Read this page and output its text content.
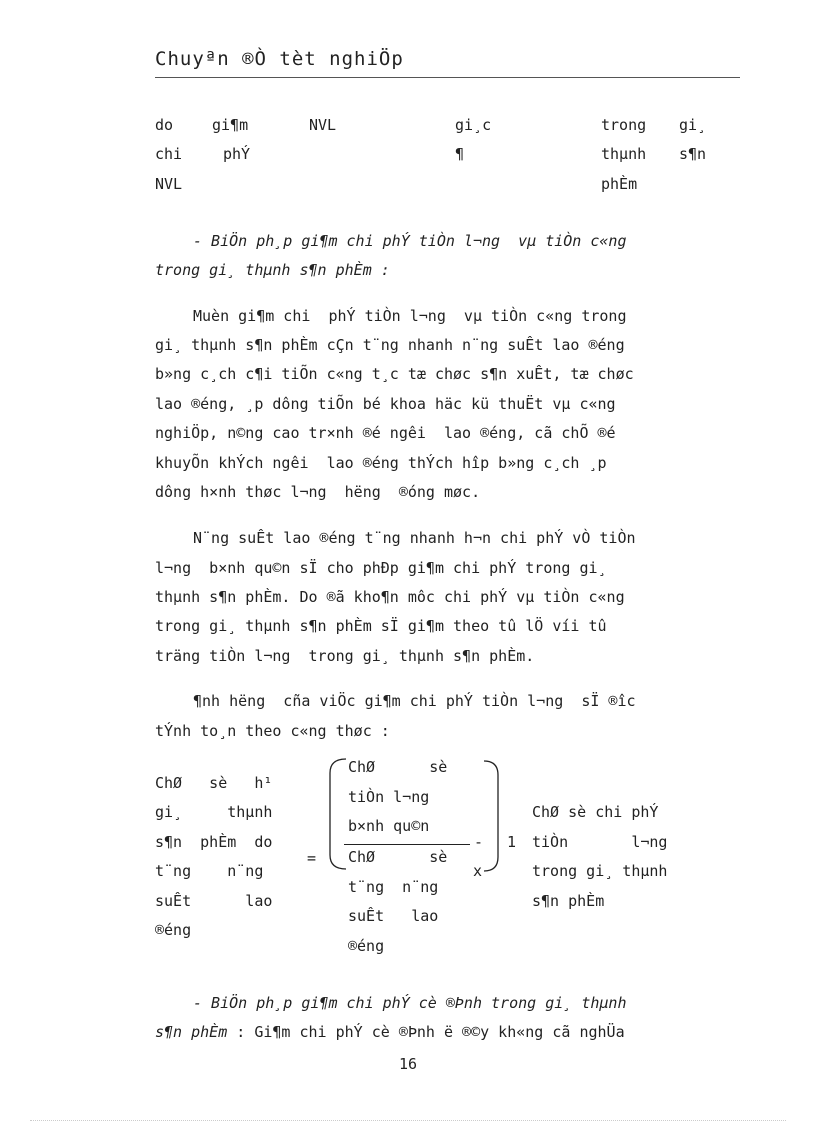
Chuyªn ®Ò tèt nghiÖp
do
chi
NVL
gi¶m
phÝ
NVL	gi¸c
¶
trong
thµnh
phÈm
gi¸
s¶n
- BiÖn ph¸p gi¶m chi phÝ tiÒn l¬ng  vµ tiÒn c«ng
trong gi¸ thµnh s¶n phÈm :
Muèn gi¶m chi  phÝ tiÒn l¬ng  vµ tiÒn c«ng trong
gi¸ thµnh s¶n phÈm cÇn t¨ng nhanh n¨ng suÊt lao ®éng
b»ng c¸ch c¶i tiÕn c«ng t¸c tæ chøc s¶n xuÊt, tæ chøc
lao ®éng, ¸p dông tiÕn bé khoa häc kü thuËt vµ c«ng
nghiÖp, n©ng cao tr×nh ®é ngêi  lao ®éng, cã chÕ ®é
khuyÕn khÝch ngêi  lao ®éng thÝch hîp b»ng c¸ch ¸p
dông h×nh thøc l¬ng  hëng  ®óng møc.
N¨ng suÊt lao ®éng t¨ng nhanh h¬n chi phÝ vÒ tiÒn
l¬ng  b×nh qu©n sÏ cho phÐp gi¶m chi phÝ trong gi¸
thµnh s¶n phÈm. Do ®ã kho¶n môc chi phÝ vµ tiÒn c«ng
trong gi¸ thµnh s¶n phÈm sÏ gi¶m theo tû lÖ víi tû
träng tiÒn l¬ng  trong gi¸ thµnh s¶n phÈm.
¶nh hëng  cña viÖc gi¶m chi phÝ tiÒn l¬ng  sÏ ®îc
tÝnh to¸n theo c«ng thøc :
ChØ   sè   h¹
gi¸     thµnh
s¶n  phÈm  do
t¨ng    n¨ng
suÊt      lao
®éng
=
ChØ      sè
tiÒn l¬ng
b×nh qu©n
ChØ      sè
t¨ng  n¨ng
suÊt   lao
®éng
- 1
x
ChØ sè chi phÝ
tiÒn       l¬ng
trong gi¸ thµnh
s¶n phÈm
- BiÖn ph¸p gi¶m chi phÝ cè ®Þnh trong gi¸ thµnh
s¶n phÈm : Gi¶m chi phÝ cè ®Þnh ë ®©y kh«ng cã nghÜa
16
